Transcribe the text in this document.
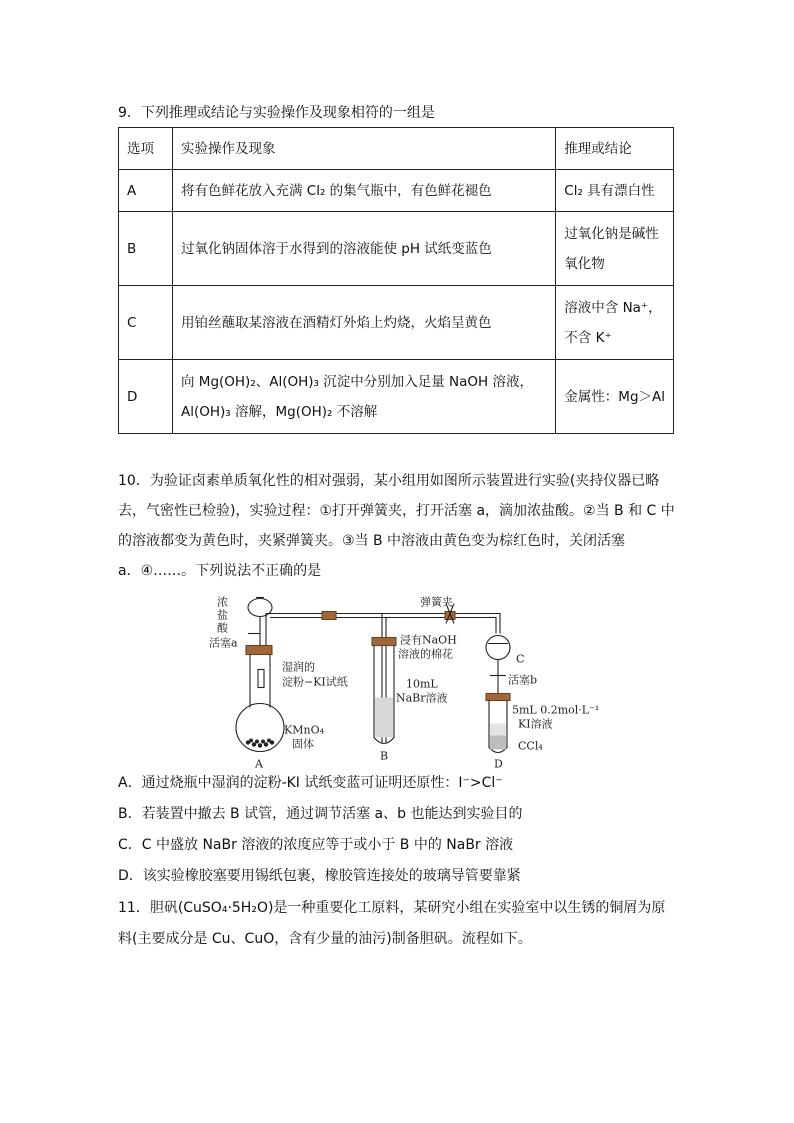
9．下列推理或结论与实验操作及现象相符的一组是
选项	实验操作及现象	推理或结论
A	将有色鲜花放入充满 Cl₂ 的集气瓶中，有色鲜花褪色	Cl₂ 具有漂白性

B	过氧化钠固体溶于水得到的溶液能使 pH 试纸变蓝色	过氧化钠是碱性
氧化物

C	用铂丝蘸取某溶液在酒精灯外焰上灼烧，火焰呈黄色	溶液中含 Na⁺，
不含 K⁺

D	向 Mg(OH)₂、Al(OH)₃ 沉淀中分别加入足量 NaOH 溶液，
Al(OH)₃ 溶解，Mg(OH)₂ 不溶解	金属性：Mg＞Al
10．为验证卤素单质氧化性的相对强弱，某小组用如图所示装置进行实验(夹持仪器已略
去，气密性已检验)，实验过程：①打开弹簧夹，打开活塞 a，滴加浓盐酸。②当 B 和 C 中
的溶液都变为黄色时，夹紧弹簧夹。③当 B 中溶液由黄色变为棕红色时，关闭活塞
a．④……。下列说法不正确的是
浓
盐
酸
活塞a
湿润的
淀粉−KI试纸
KMnO₄
固体
弹簧夹
浸有NaOH
溶液的棉花
10mL
NaBr溶液
C
活塞b
5mL 0.2mol·L⁻¹
KI溶液
CCl₄
A
B
D
A．通过烧瓶中湿润的淀粉-KI 试纸变蓝可证明还原性：I⁻>Cl⁻
B．若装置中撤去 B 试管，通过调节活塞 a、b 也能达到实验目的
C．C 中盛放 NaBr 溶液的浓度应等于或小于 B 中的 NaBr 溶液
D．该实验橡胶塞要用锡纸包裹，橡胶管连接处的玻璃导管要靠紧
11．胆矾(CuSO₄·5H₂O)是一种重要化工原料，某研究小组在实验室中以生锈的铜屑为原
料(主要成分是 Cu、CuO，含有少量的油污)制备胆矾。流程如下。
